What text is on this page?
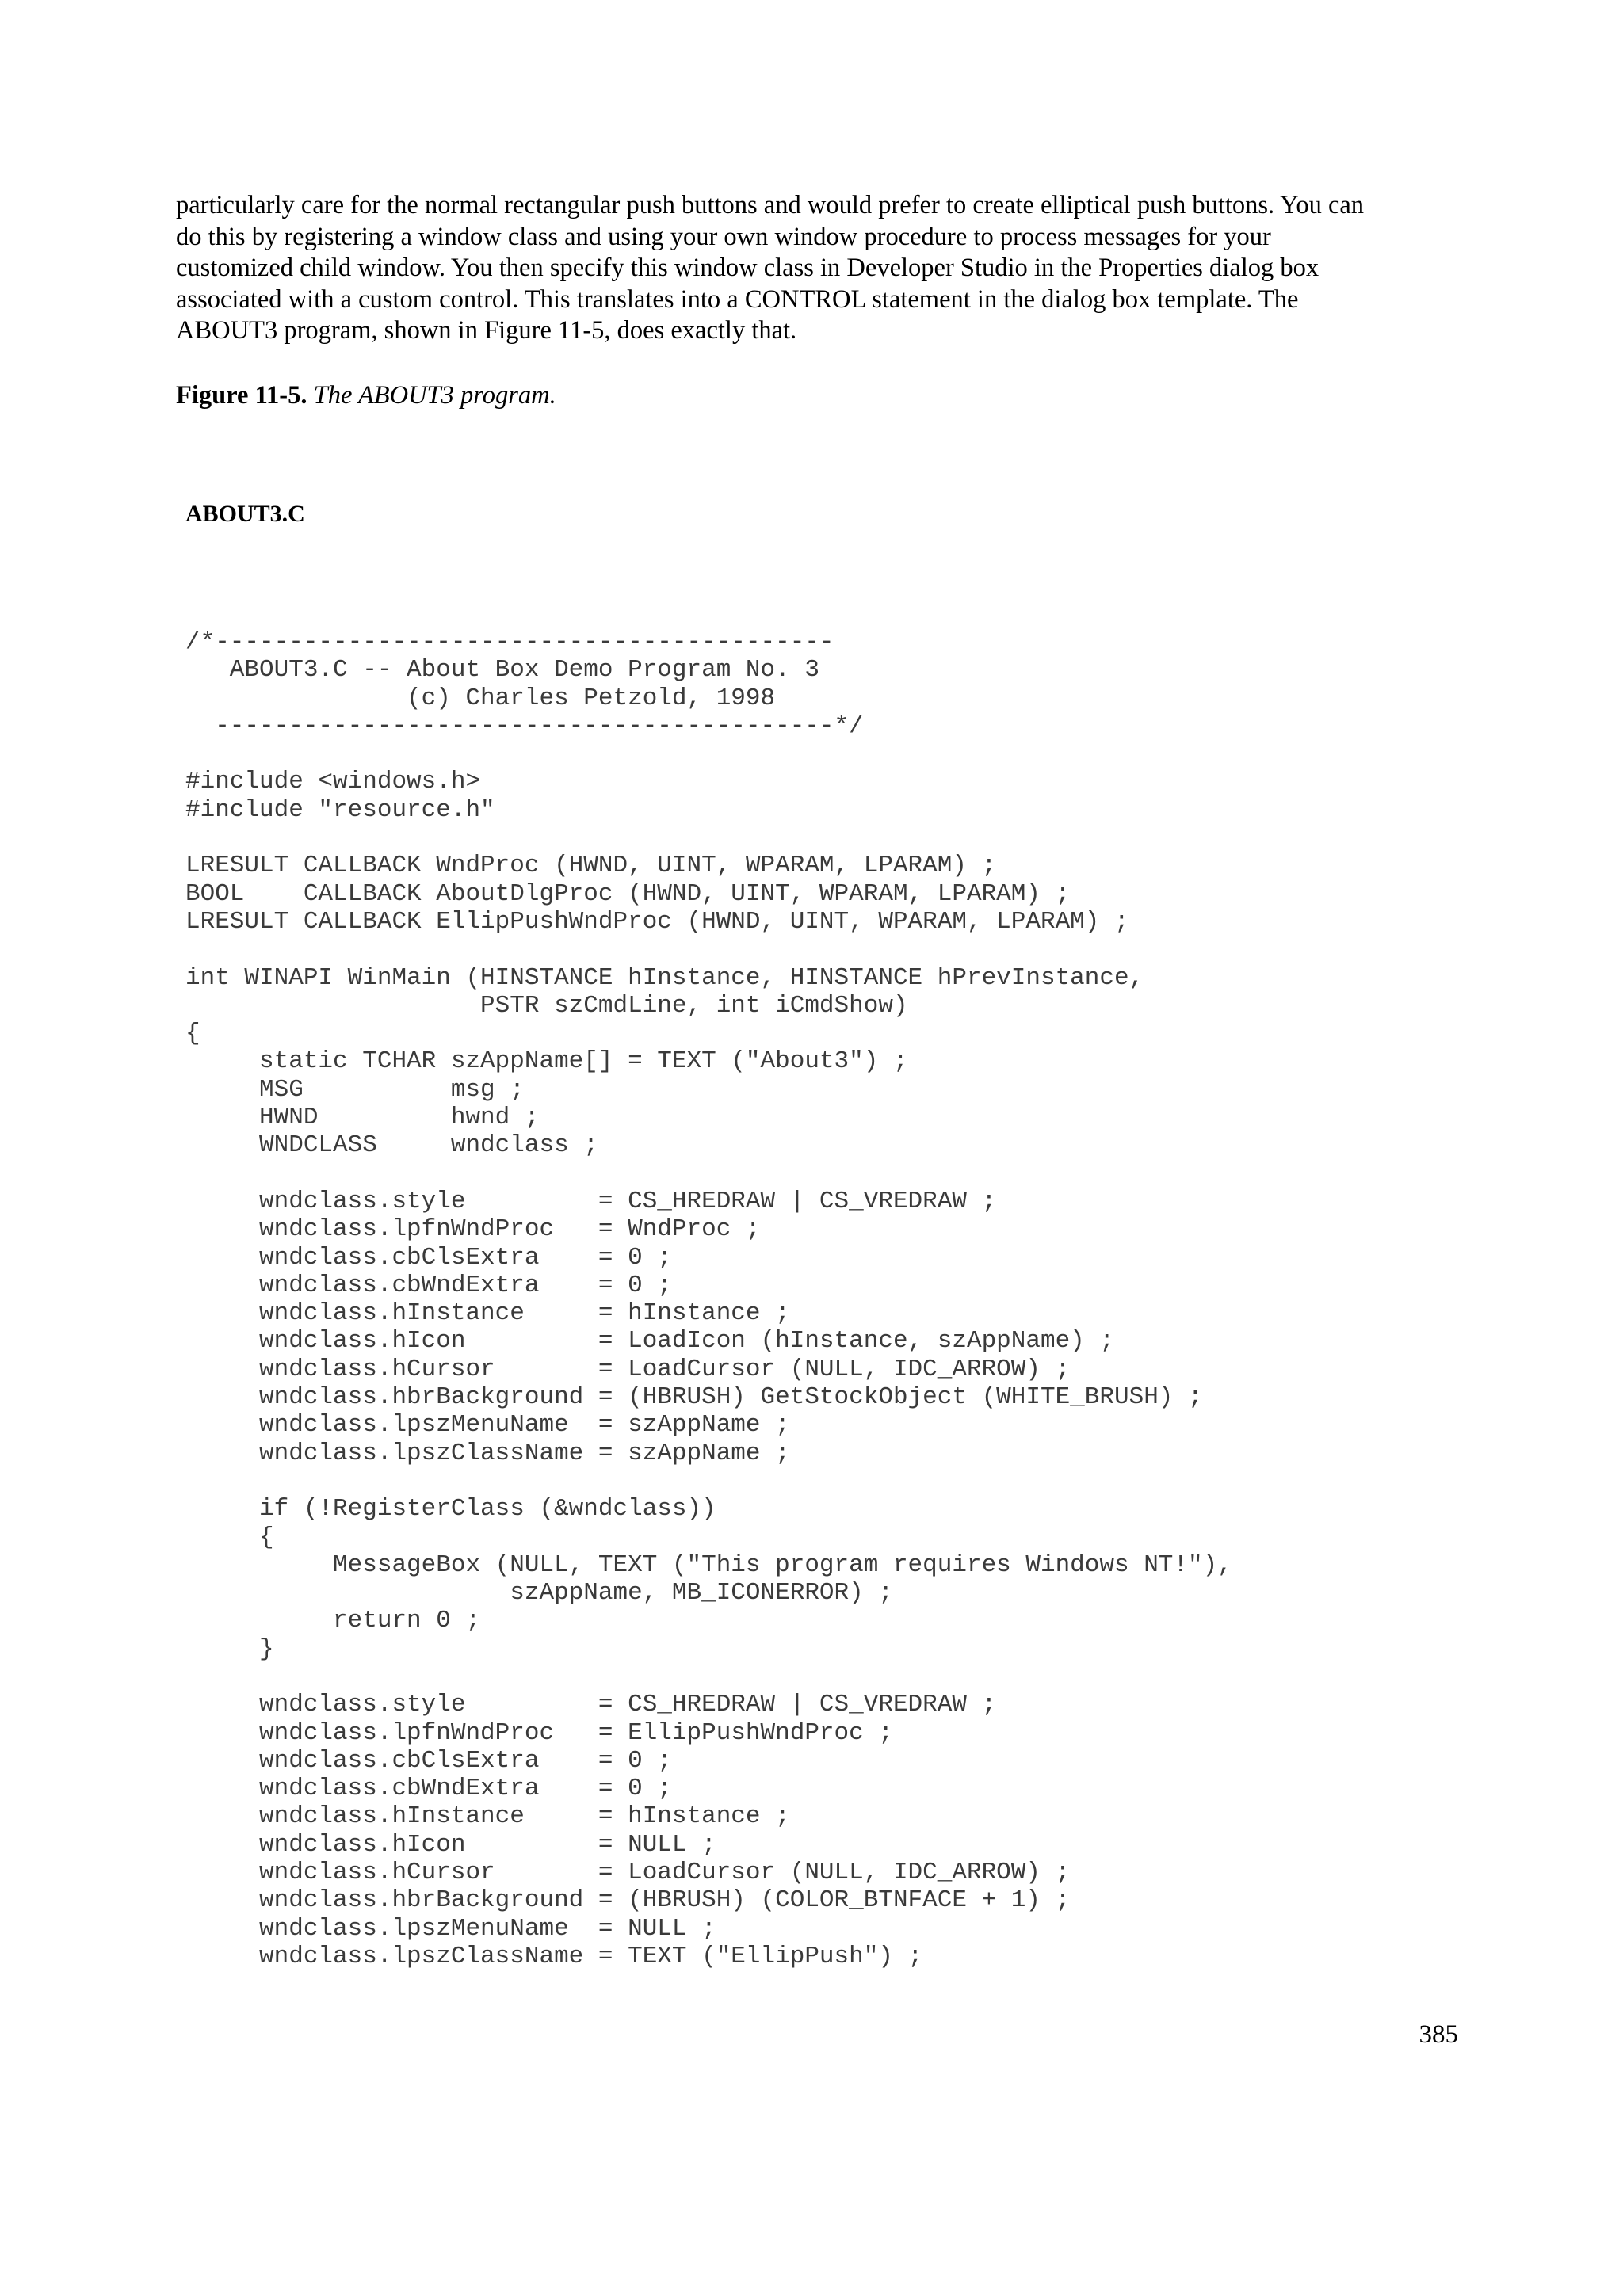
particularly care for the normal rectangular push buttons and would prefer to create elliptical push buttons. You can
do this by registering a window class and using your own window procedure to process messages for your
customized child window. You then specify this window class in Developer Studio in the Properties dialog box
associated with a custom control. This translates into a CONTROL statement in the dialog box template. The
ABOUT3 program, shown in Figure 11-5, does exactly that.

Figure 11-5. The ABOUT3 program.

ABOUT3.C

/*------------------------------------------
ABOUT3.C -- About Box Demo Program No. 3
(c) Charles Petzold, 1998
------------------------------------------*/

#include <windows.h>
#include "resource.h"

LRESULT CALLBACK WndProc (HWND, UINT, WPARAM, LPARAM) ;
BOOL    CALLBACK AboutDlgProc (HWND, UINT, WPARAM, LPARAM) ;
LRESULT CALLBACK EllipPushWndProc (HWND, UINT, WPARAM, LPARAM) ;

int WINAPI WinMain (HINSTANCE hInstance, HINSTANCE hPrevInstance,
PSTR szCmdLine, int iCmdShow)
{
static TCHAR szAppName[] = TEXT ("About3") ;
MSG          msg ;
HWND         hwnd ;
WNDCLASS     wndclass ;

wndclass.style         = CS_HREDRAW | CS_VREDRAW ;
wndclass.lpfnWndProc   = WndProc ;
wndclass.cbClsExtra    = 0 ;
wndclass.cbWndExtra    = 0 ;
wndclass.hInstance     = hInstance ;
wndclass.hIcon         = LoadIcon (hInstance, szAppName) ;
wndclass.hCursor       = LoadCursor (NULL, IDC_ARROW) ;
wndclass.hbrBackground = (HBRUSH) GetStockObject (WHITE_BRUSH) ;
wndclass.lpszMenuName  = szAppName ;
wndclass.lpszClassName = szAppName ;

if (!RegisterClass (&wndclass))
{
MessageBox (NULL, TEXT ("This program requires Windows NT!"),
szAppName, MB_ICONERROR) ;
return 0 ;
}

wndclass.style         = CS_HREDRAW | CS_VREDRAW ;
wndclass.lpfnWndProc   = EllipPushWndProc ;
wndclass.cbClsExtra    = 0 ;
wndclass.cbWndExtra    = 0 ;
wndclass.hInstance     = hInstance ;
wndclass.hIcon         = NULL ;
wndclass.hCursor       = LoadCursor (NULL, IDC_ARROW) ;
wndclass.hbrBackground = (HBRUSH) (COLOR_BTNFACE + 1) ;
wndclass.lpszMenuName  = NULL ;
wndclass.lpszClassName = TEXT ("EllipPush") ;

385
